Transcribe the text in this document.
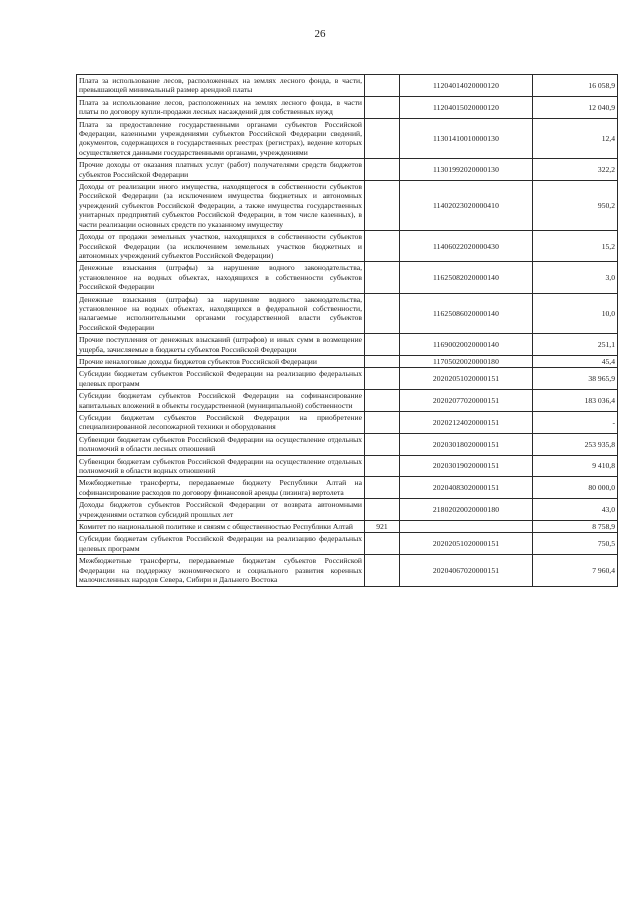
26
Плата за использование лесов, расположенных на землях лесного фонда, в части, превышающей минимальный размер арендной платы		11204014020000120	16 058,9
Плата за использование лесов, расположенных на землях лесного фонда, в части платы по договору купли-продажи лесных насаждений для собственных нужд		11204015020000120	12 040,9
Плата за предоставление государственными органами субъектов Российской Федерации, казенными учреждениями субъектов Российской Федерации сведений, документов, содержащихся в государственных реестрах (регистрах), ведение которых осуществляется данными государственными органами, учреждениями		11301410010000130	12,4
Прочие доходы от оказания платных услуг (работ) получателями средств бюджетов субъектов Российской Федерации		11301992020000130	322,2
Доходы от реализации иного имущества, находящегося в собственности субъектов Российской Федерации (за исключением имущества бюджетных и автономных учреждений субъектов Российской Федерации, а также имущества государственных унитарных предприятий субъектов Российской Федерации, в том числе казенных), в части реализации основных средств по указанному имуществу		11402023020000410	950,2
Доходы от продажи земельных участков, находящихся в собственности субъектов Российской Федерации (за исключением земельных участков бюджетных и автономных учреждений субъектов Российской Федерации)		11406022020000430	15,2
Денежные взыскания (штрафы) за нарушение водного законодательства, установленное на водных объектах, находящихся в собственности субъектов Российской Федерации		11625082020000140	3,0
Денежные взыскания (штрафы) за нарушение водного законодательства, установленное на водных объектах, находящихся в федеральной собственности, налагаемые исполнительными органами государственной власти субъектов Российской Федерации		11625086020000140	10,0
Прочие поступления от денежных взысканий (штрафов) и иных сумм в возмещение ущерба, зачисляемые в бюджеты субъектов Российской Федерации		11690020020000140	251,1
Прочие неналоговые доходы бюджетов субъектов Российской Федерации		11705020020000180	45,4
Субсидии бюджетам субъектов Российской Федерации на реализацию федеральных целевых программ		20202051020000151	38 965,9
Субсидии бюджетам субъектов Российской Федерации на софинансирование капитальных вложений в объекты государственной (муниципальной) собственности		20202077020000151	183 036,4
Субсидии бюджетам субъектов Российской Федерации на приобретение специализированной лесопожарной техники и оборудования		20202124020000151	-
Субвенции бюджетам субъектов Российской Федерации на осуществление отдельных полномочий в области лесных отношений		20203018020000151	253 935,8
Субвенции бюджетам субъектов Российской Федерации на осуществление отдельных полномочий в области водных отношений		20203019020000151	9 410,8
Межбюджетные трансферты, передаваемые бюджету Республики Алтай на софинансирование расходов по договору финансовой аренды (лизинга) вертолета		20204083020000151	80 000,0
Доходы бюджетов субъектов Российской Федерации от возврата автономными учреждениями остатков субсидий прошлых лет		21802020020000180	43,0
Комитет по национальной политике и связям с общественностью Республики Алтай	921		8 758,9
Субсидии бюджетам субъектов Российской Федерации на реализацию федеральных целевых программ		20202051020000151	750,5
Межбюджетные трансферты, передаваемые бюджетам субъектов Российской Федерации на поддержку экономического и социального развития коренных малочисленных народов Севера, Сибири и Дальнего Востока		20204067020000151	7 960,4
